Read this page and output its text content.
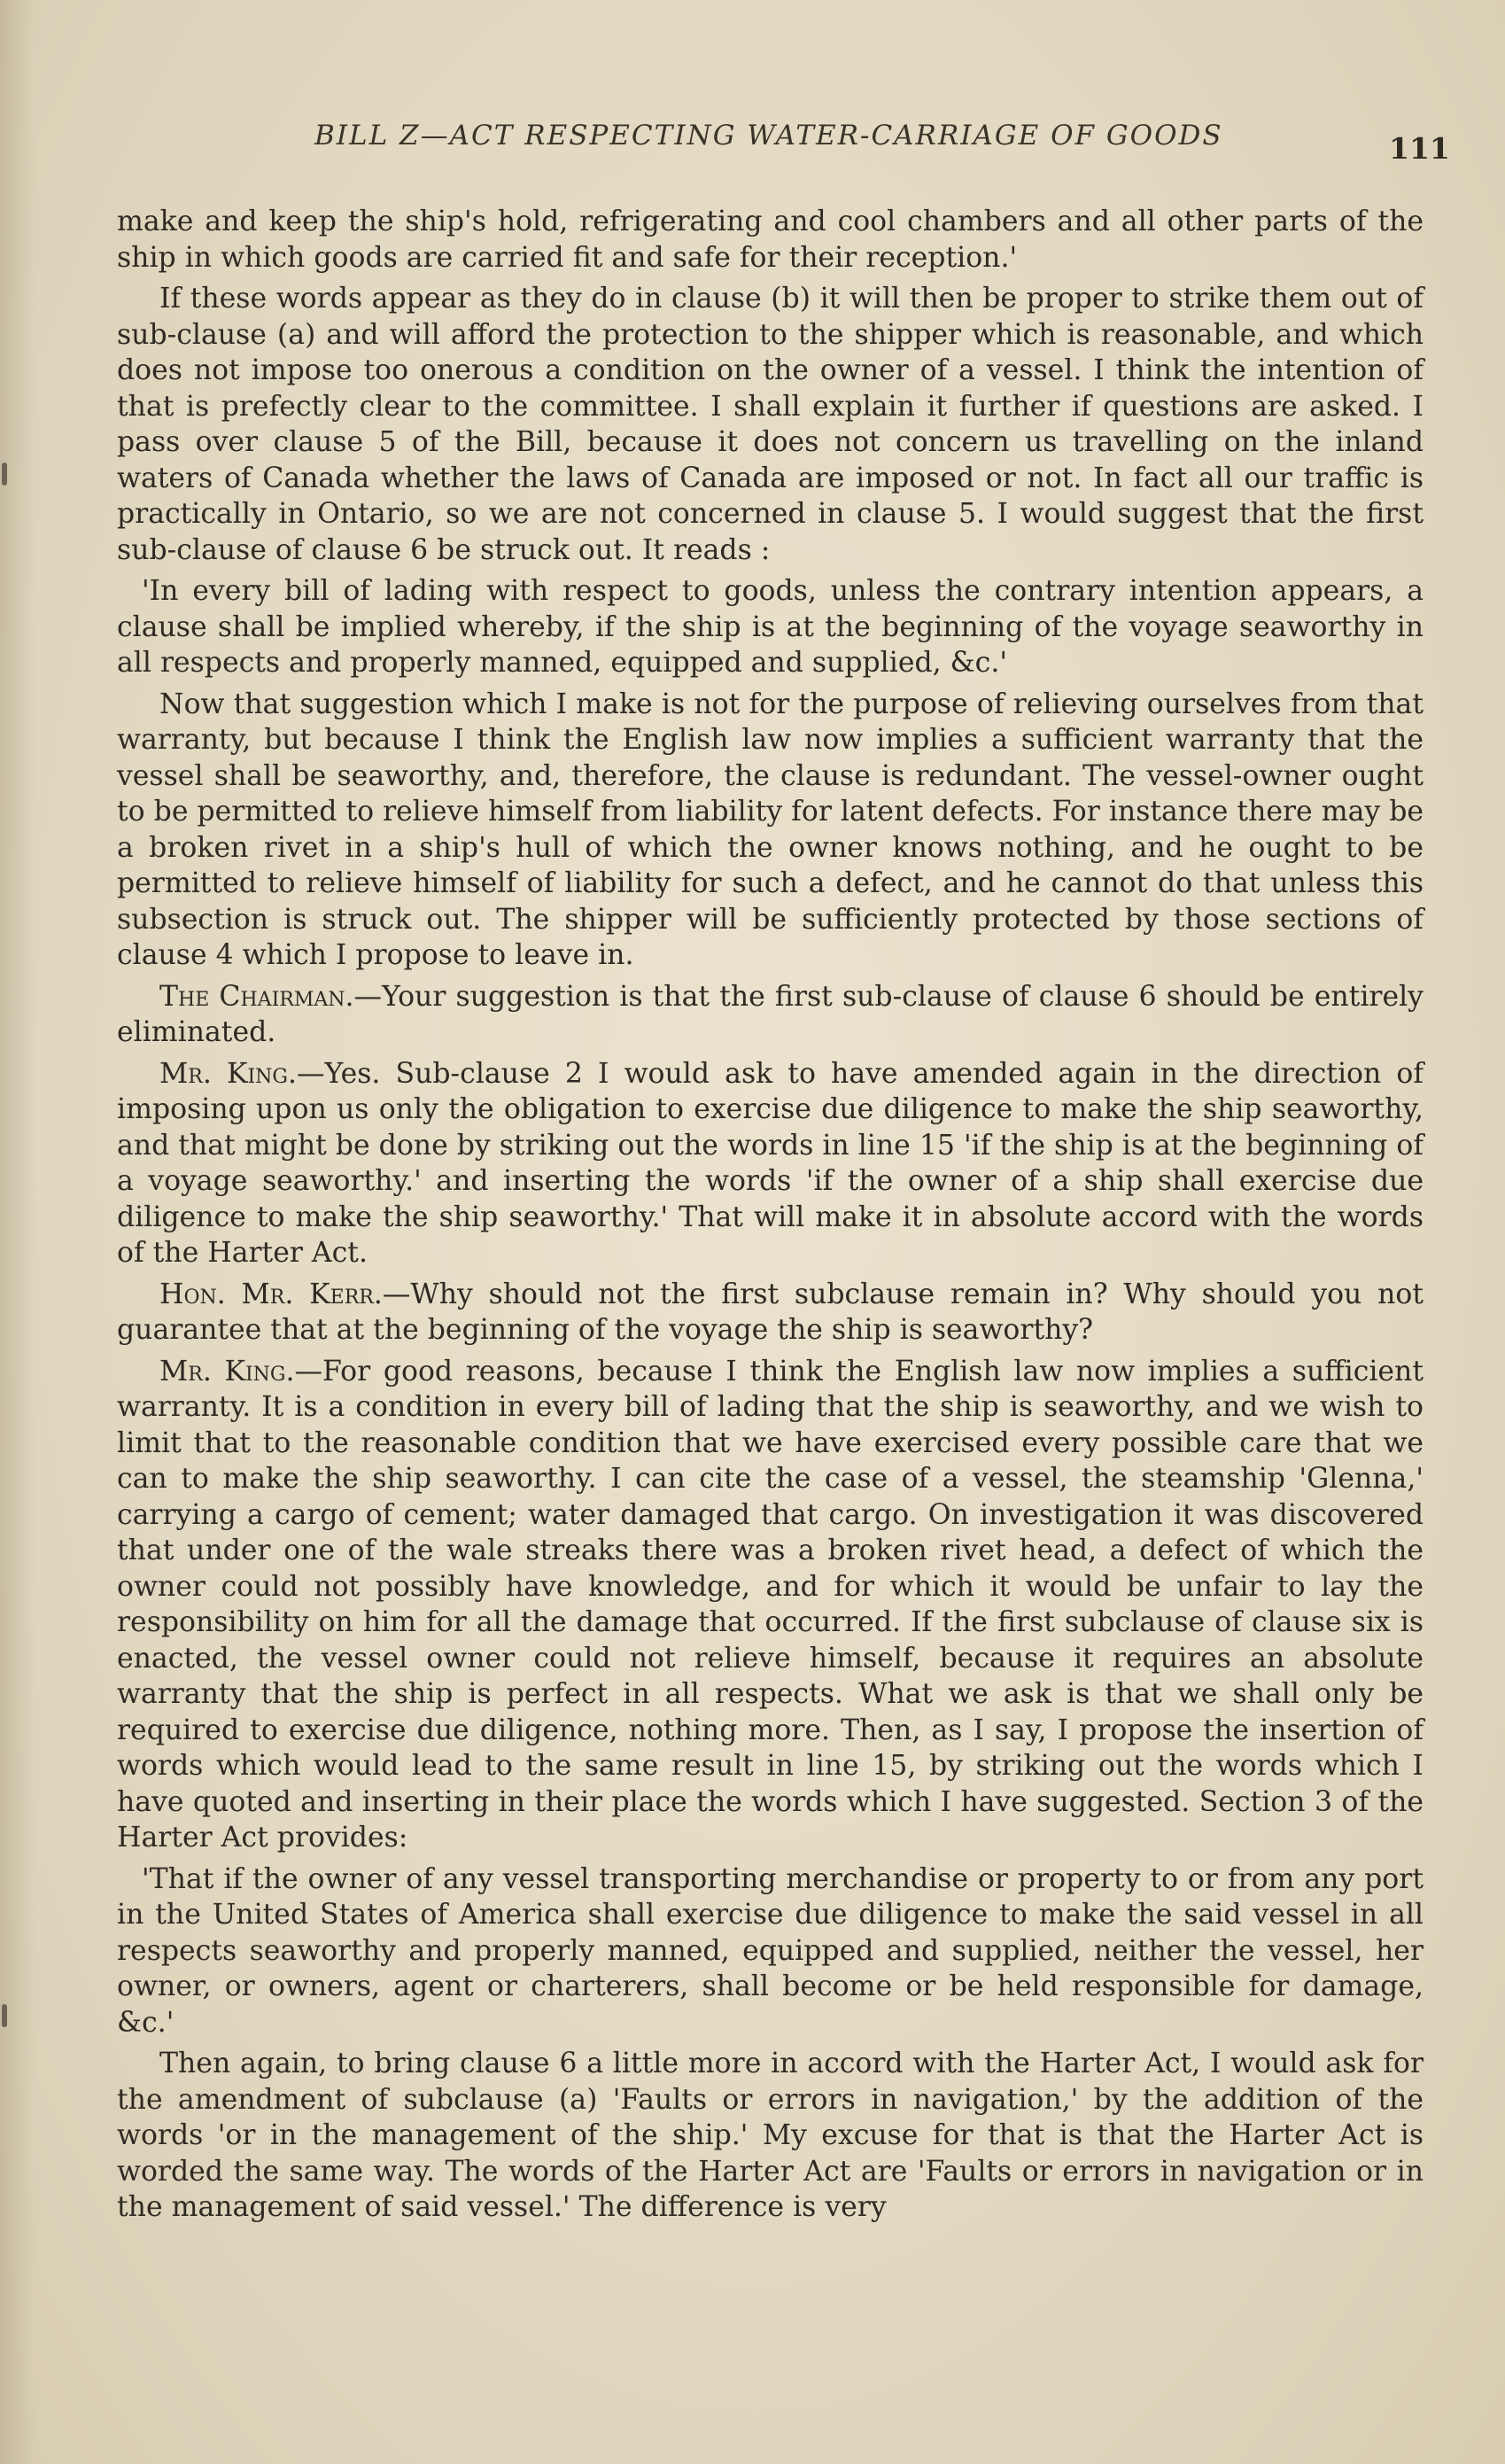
BILL Z—ACT RESPECTING WATER-CARRIAGE OF GOODS	111

make and keep the ship's hold, refrigerating and cool chambers and all other parts of the ship in which goods are carried fit and safe for their reception.'

If these words appear as they do in clause (b) it will then be proper to strike them out of sub-clause (a) and will afford the protection to the shipper which is reasonable, and which does not impose too onerous a condition on the owner of a vessel. I think the intention of that is prefectly clear to the committee. I shall explain it further if questions are asked. I pass over clause 5 of the Bill, because it does not concern us travelling on the inland waters of Canada whether the laws of Canada are imposed or not. In fact all our traffic is practically in Ontario, so we are not concerned in clause 5. I would suggest that the first sub-clause of clause 6 be struck out. It reads :

'In every bill of lading with respect to goods, unless the contrary intention appears, a clause shall be implied whereby, if the ship is at the beginning of the voyage seaworthy in all respects and properly manned, equipped and supplied, &c.'

Now that suggestion which I make is not for the purpose of relieving ourselves from that warranty, but because I think the English law now implies a sufficient warranty that the vessel shall be seaworthy, and, therefore, the clause is redundant. The vessel-owner ought to be permitted to relieve himself from liability for latent defects. For instance there may be a broken rivet in a ship's hull of which the owner knows nothing, and he ought to be permitted to relieve himself of liability for such a defect, and he cannot do that unless this subsection is struck out. The shipper will be sufficiently protected by those sections of clause 4 which I propose to leave in.

The Chairman.—Your suggestion is that the first sub-clause of clause 6 should be entirely eliminated.

Mr. King.—Yes. Sub-clause 2 I would ask to have amended again in the direction of imposing upon us only the obligation to exercise due diligence to make the ship seaworthy, and that might be done by striking out the words in line 15 'if the ship is at the beginning of a voyage seaworthy.' and inserting the words 'if the owner of a ship shall exercise due diligence to make the ship seaworthy.' That will make it in absolute accord with the words of the Harter Act.

Hon. Mr. Kerr.—Why should not the first subclause remain in? Why should you not guarantee that at the beginning of the voyage the ship is seaworthy?

Mr. King.—For good reasons, because I think the English law now implies a sufficient warranty. It is a condition in every bill of lading that the ship is seaworthy, and we wish to limit that to the reasonable condition that we have exercised every possible care that we can to make the ship seaworthy. I can cite the case of a vessel, the steamship 'Glenna,' carrying a cargo of cement; water damaged that cargo. On investigation it was discovered that under one of the wale streaks there was a broken rivet head, a defect of which the owner could not possibly have knowledge, and for which it would be unfair to lay the responsibility on him for all the damage that occurred. If the first subclause of clause six is enacted, the vessel owner could not relieve himself, because it requires an absolute warranty that the ship is perfect in all respects. What we ask is that we shall only be required to exercise due diligence, nothing more. Then, as I say, I propose the insertion of words which would lead to the same result in line 15, by striking out the words which I have quoted and inserting in their place the words which I have suggested. Section 3 of the Harter Act provides:

'That if the owner of any vessel transporting merchandise or property to or from any port in the United States of America shall exercise due diligence to make the said vessel in all respects seaworthy and properly manned, equipped and supplied, neither the vessel, her owner, or owners, agent or charterers, shall become or be held responsible for damage, &c.'

Then again, to bring clause 6 a little more in accord with the Harter Act, I would ask for the amendment of subclause (a) 'Faults or errors in navigation,' by the addition of the words 'or in the management of the ship.' My excuse for that is that the Harter Act is worded the same way. The words of the Harter Act are 'Faults or errors in navigation or in the management of said vessel.' The difference is very
